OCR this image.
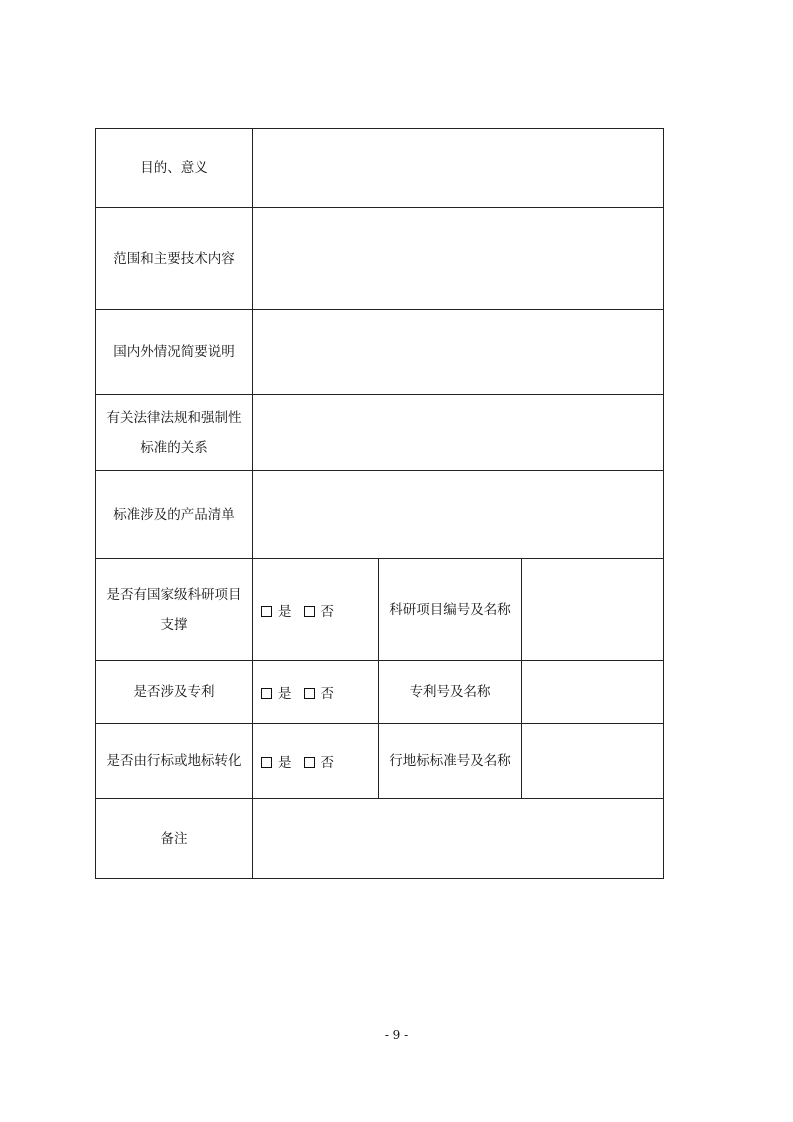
目的、意义			
范围和主要技术内容			
国内外情况简要说明			
有关法律法规和强制性标准的关系			
标准涉及的产品清单			
是否有国家级科研项目支撑	是 否	科研项目编号及名称	
是否涉及专利	是 否	专利号及名称	
是否由行标或地标转化	是 否	行地标标准号及名称	
备注			
- 9 -
